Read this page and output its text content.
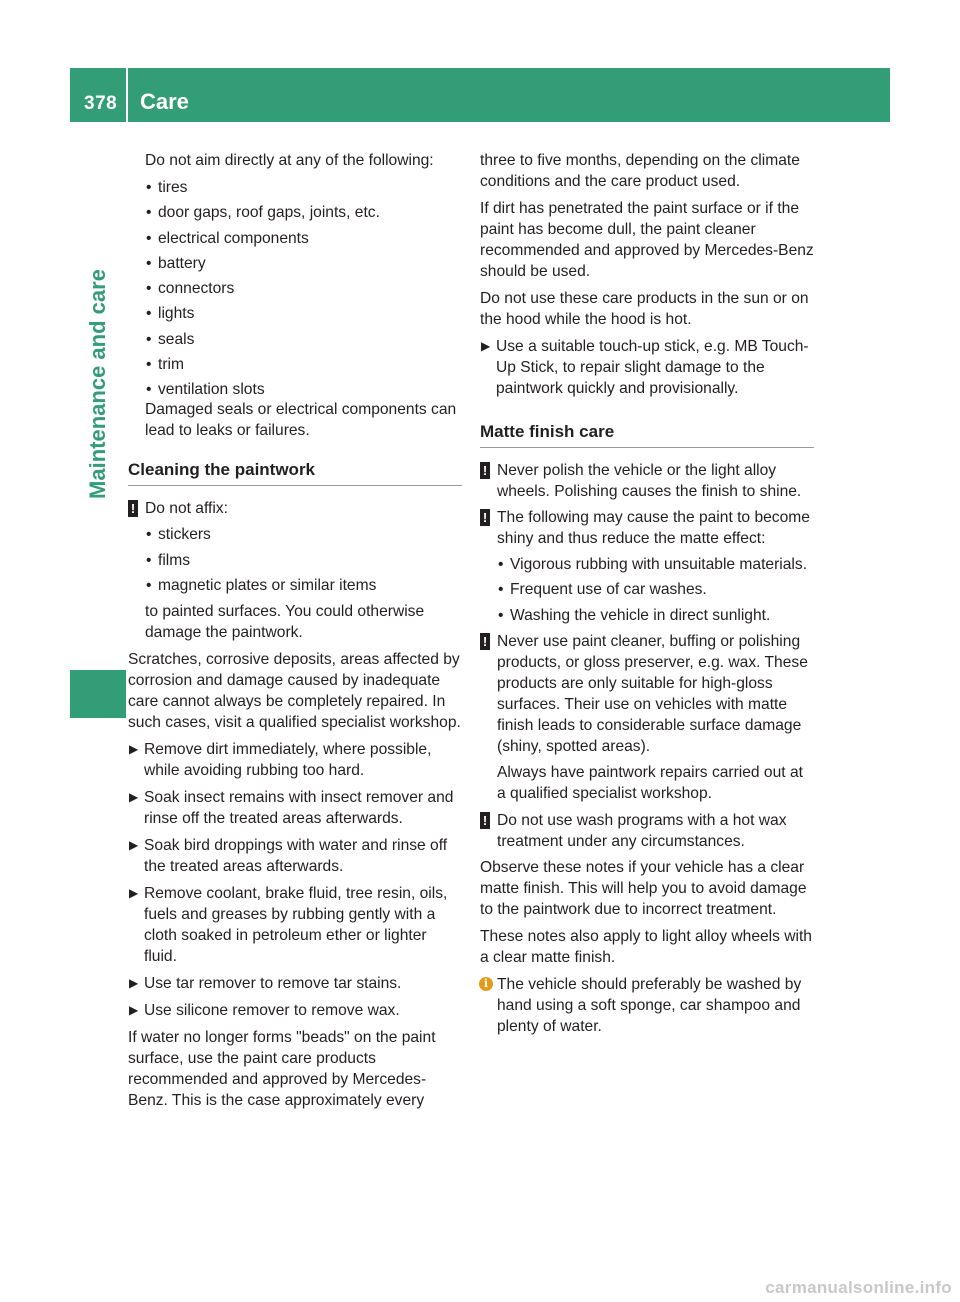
378 Care
Maintenance and care

Do not aim directly at any of the following:

• tires
• door gaps, roof gaps, joints, etc.
• electrical components
• battery
• connectors
• lights
• seals
• trim
• ventilation slots

Damaged seals or electrical components can lead to leaks or failures.

Cleaning the paintwork
! Do not affix:
• stickers
• films
• magnetic plates or similar items

to painted surfaces. You could otherwise damage the paintwork.

Scratches, corrosive deposits, areas affected by corrosion and damage caused by inadequate care cannot always be completely repaired. In such cases, visit a qualified specialist workshop.

▶ Remove dirt immediately, where possible, while avoiding rubbing too hard.
▶ Soak insect remains with insect remover and rinse off the treated areas afterwards.
▶ Soak bird droppings with water and rinse off the treated areas afterwards.
▶ Remove coolant, brake fluid, tree resin, oils, fuels and greases by rubbing gently with a cloth soaked in petroleum ether or lighter fluid.
▶ Use tar remover to remove tar stains.
▶ Use silicone remover to remove wax.

If water no longer forms "beads" on the paint surface, use the paint care products recommended and approved by Mercedes-Benz. This is the case approximately every

three to five months, depending on the climate conditions and the care product used.

If dirt has penetrated the paint surface or if the paint has become dull, the paint cleaner recommended and approved by Mercedes-Benz should be used.

Do not use these care products in the sun or on the hood while the hood is hot.

▶ Use a suitable touch-up stick, e.g. MB Touch-Up Stick, to repair slight damage to the paintwork quickly and provisionally.
Matte finish care
! Never polish the vehicle or the light alloy wheels. Polishing causes the finish to shine.
! The following may cause the paint to become shiny and thus reduce the matte effect:
• Vigorous rubbing with unsuitable materials.
• Frequent use of car washes.
• Washing the vehicle in direct sunlight.
! Never use paint cleaner, buffing or polishing products, or gloss preserver, e.g. wax. These products are only suitable for high-gloss surfaces. Their use on vehicles with matte finish leads to considerable surface damage (shiny, spotted areas).

Always have paintwork repairs carried out at a qualified specialist workshop.

! Do not use wash programs with a hot wax treatment under any circumstances.

Observe these notes if your vehicle has a clear matte finish. This will help you to avoid damage to the paintwork due to incorrect treatment.

These notes also apply to light alloy wheels with a clear matte finish.

i The vehicle should preferably be washed by hand using a soft sponge, car shampoo and plenty of water.
carmanualsonline.info
